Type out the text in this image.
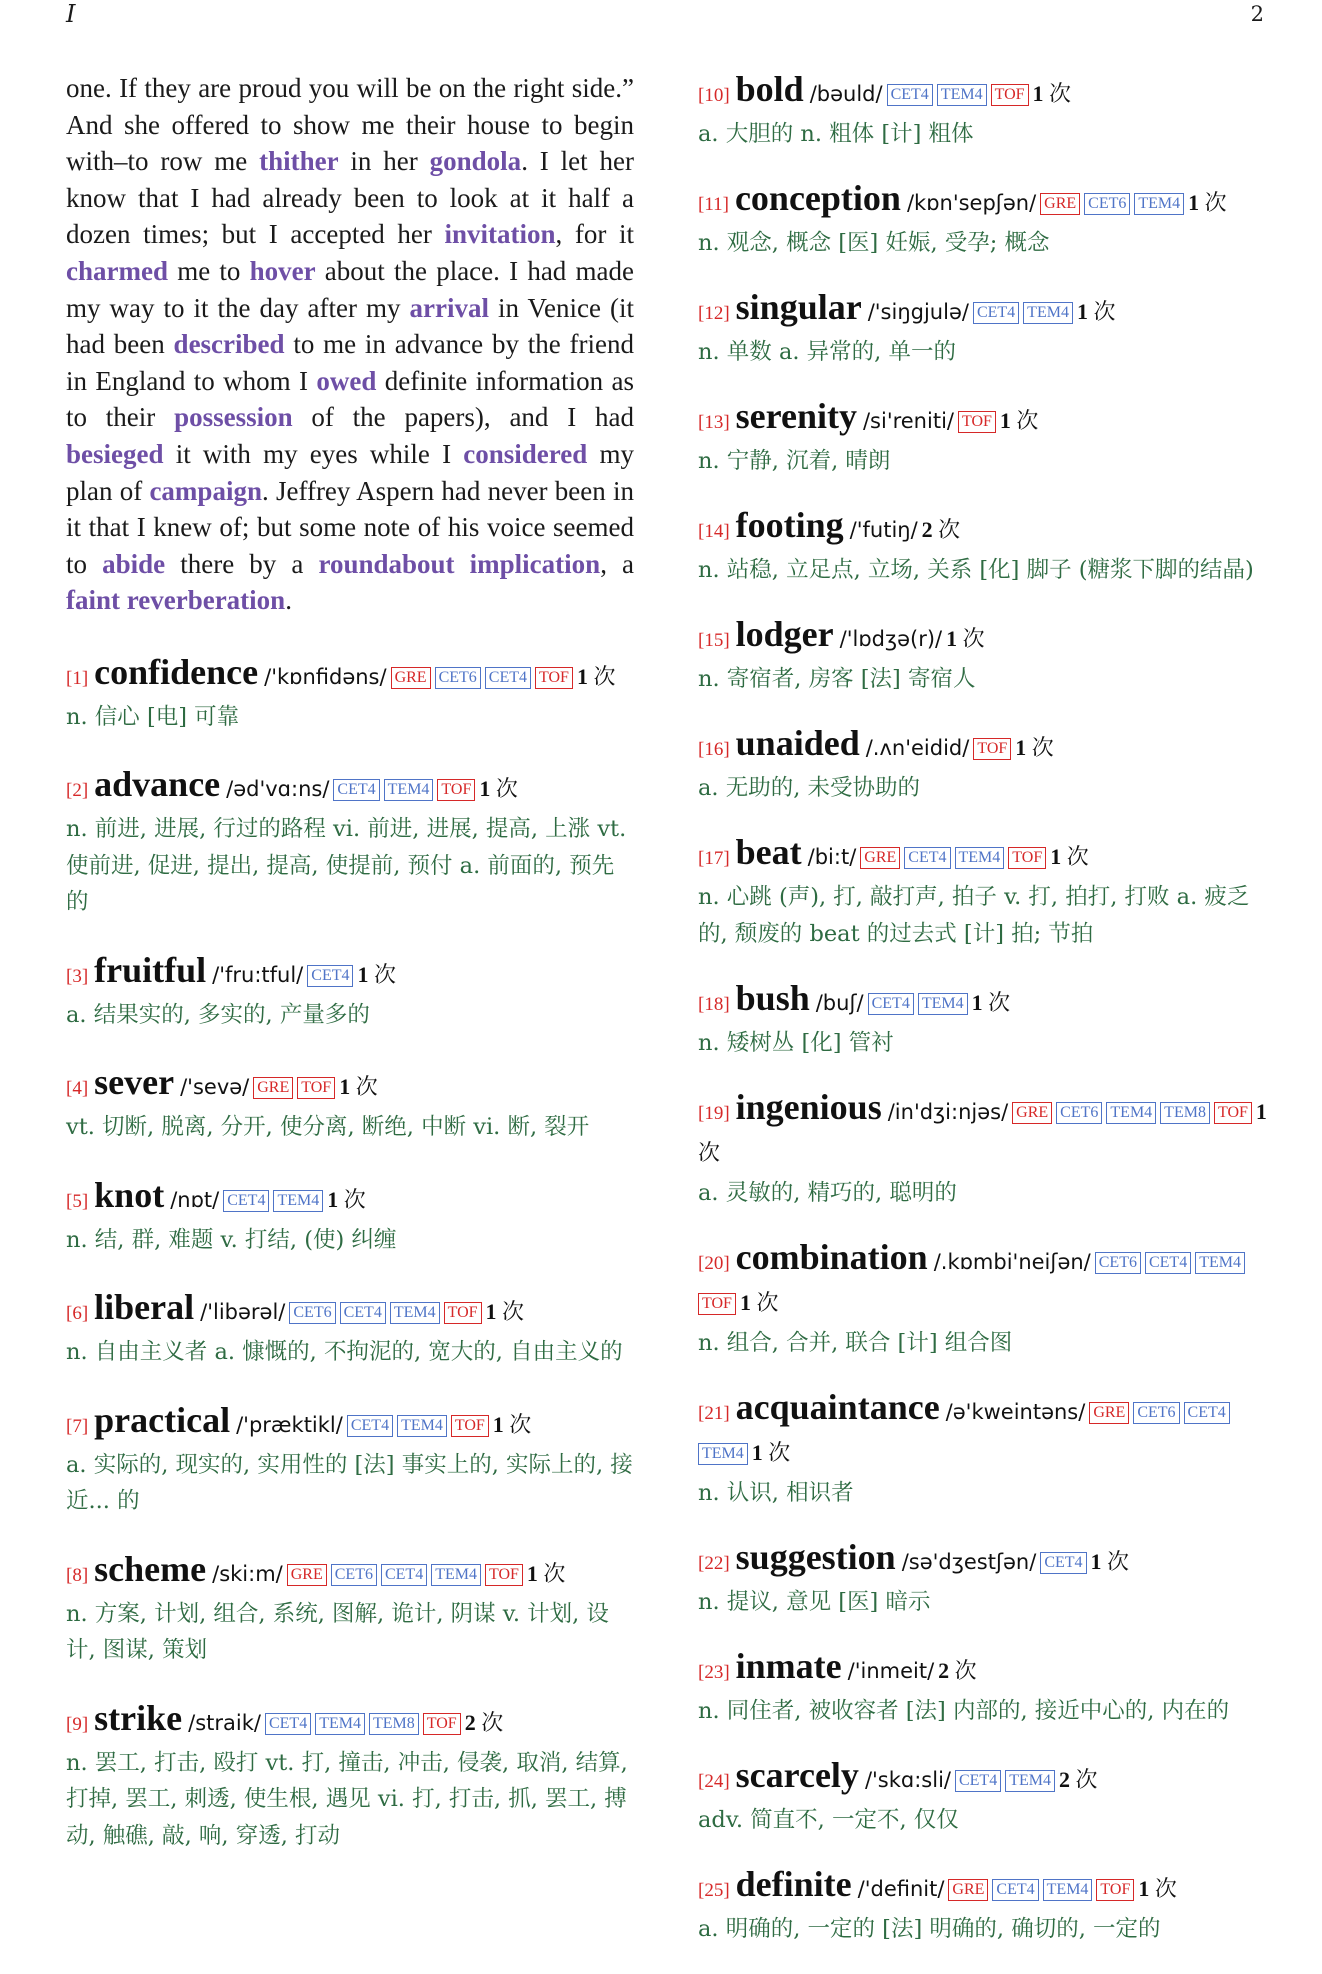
I	2

one. If they are proud you will be on the right side.” And she offered to show me their house to begin with–to row me thither in her gondola. I let her know that I had already been to look at it half a dozen times; but I accepted her invitation, for it charmed me to hover about the place. I had made my way to it the day after my arrival in Venice (it had been described to me in advance by the friend in England to whom I owed definite information as to their possession of the papers), and I had besieged it with my eyes while I considered my plan of campaign. Jeffrey Aspern had never been in it that I knew of; but some note of his voice seemed to abide there by a roundabout implication, a faint reverberation.

[1] confidence /'kɒnfidəns/ GRE CET6 CET4 TOF 1 次

n. 信心 [电] 可靠

[2] advance /əd'vɑ:ns/ CET4 TEM4 TOF 1 次

n. 前进, 进展, 行过的路程 vi. 前进, 进展, 提高, 上涨 vt. 使前进, 促进, 提出, 提高, 使提前, 预付 a. 前面的, 预先的

[3] fruitful /'fru:tful/ CET4 1 次

a. 结果实的, 多实的, 产量多的

[4] sever /'sevə/ GRE TOF 1 次

vt. 切断, 脱离, 分开, 使分离, 断绝, 中断 vi. 断, 裂开

[5] knot /nɒt/ CET4 TEM4 1 次

n. 结, 群, 难题 v. 打结, (使) 纠缠

[6] liberal /'libərəl/ CET6 CET4 TEM4 TOF 1 次

n. 自由主义者 a. 慷慨的, 不拘泥的, 宽大的, 自由主义的

[7] practical /'præktikl/ CET4 TEM4 TOF 1 次

a. 实际的, 现实的, 实用性的 [法] 事实上的, 实际上的, 接近... 的

[8] scheme /ski:m/ GRE CET6 CET4 TEM4 TOF 1 次

n. 方案, 计划, 组合, 系统, 图解, 诡计, 阴谋 v. 计划, 设计, 图谋, 策划

[9] strike /straik/ CET4 TEM4 TEM8 TOF 2 次

n. 罢工, 打击, 殴打 vt. 打, 撞击, 冲击, 侵袭, 取消, 结算, 打掉, 罢工, 刺透, 使生根, 遇见 vi. 打, 打击, 抓, 罢工, 搏动, 触礁, 敲, 响, 穿透, 打动

[10] bold /bəuld/ CET4 TEM4 TOF 1 次

a. 大胆的 n. 粗体 [计] 粗体

[11] conception /kɒn'sepʃən/ GRE CET6 TEM4 1 次

n. 观念, 概念 [医] 妊娠, 受孕; 概念

[12] singular /'siŋgjulə/ CET4 TEM4 1 次

n. 单数 a. 异常的, 单一的

[13] serenity /si'reniti/ TOF 1 次

n. 宁静, 沉着, 晴朗

[14] footing /'futiŋ/ 2 次

n. 站稳, 立足点, 立场, 关系 [化] 脚子 (糖浆下脚的结晶)

[15] lodger /'lɒdʒə(r)/ 1 次

n. 寄宿者, 房客 [法] 寄宿人

[16] unaided /.ʌn'eidid/ TOF 1 次

a. 无助的, 未受协助的

[17] beat /bi:t/ GRE CET4 TEM4 TOF 1 次

n. 心跳 (声), 打, 敲打声, 拍子 v. 打, 拍打, 打败 a. 疲乏的, 颓废的 beat 的过去式 [计] 拍; 节拍

[18] bush /buʃ/ CET4 TEM4 1 次

n. 矮树丛 [化] 管衬

[19] ingenious /in'dʒi:njəs/ GRE CET6 TEM4 TEM8 TOF 1 次

a. 灵敏的, 精巧的, 聪明的

[20] combination /.kɒmbi'neiʃən/ CET6 CET4 TEM4TOF 1 次

n. 组合, 合并, 联合 [计] 组合图

[21] acquaintance /ə'kweintəns/ GRE CET6 CET4TEM4 1 次

n. 认识, 相识者

[22] suggestion /sə'dʒestʃən/ CET4 1 次

n. 提议, 意见 [医] 暗示

[23] inmate /'inmeit/ 2 次

n. 同住者, 被收容者 [法] 内部的, 接近中心的, 内在的

[24] scarcely /'skɑ:sli/ CET4 TEM4 2 次

adv. 简直不, 一定不, 仅仅

[25] definite /'definit/ GRE CET4 TEM4 TOF 1 次

a. 明确的, 一定的 [法] 明确的, 确切的, 一定的
